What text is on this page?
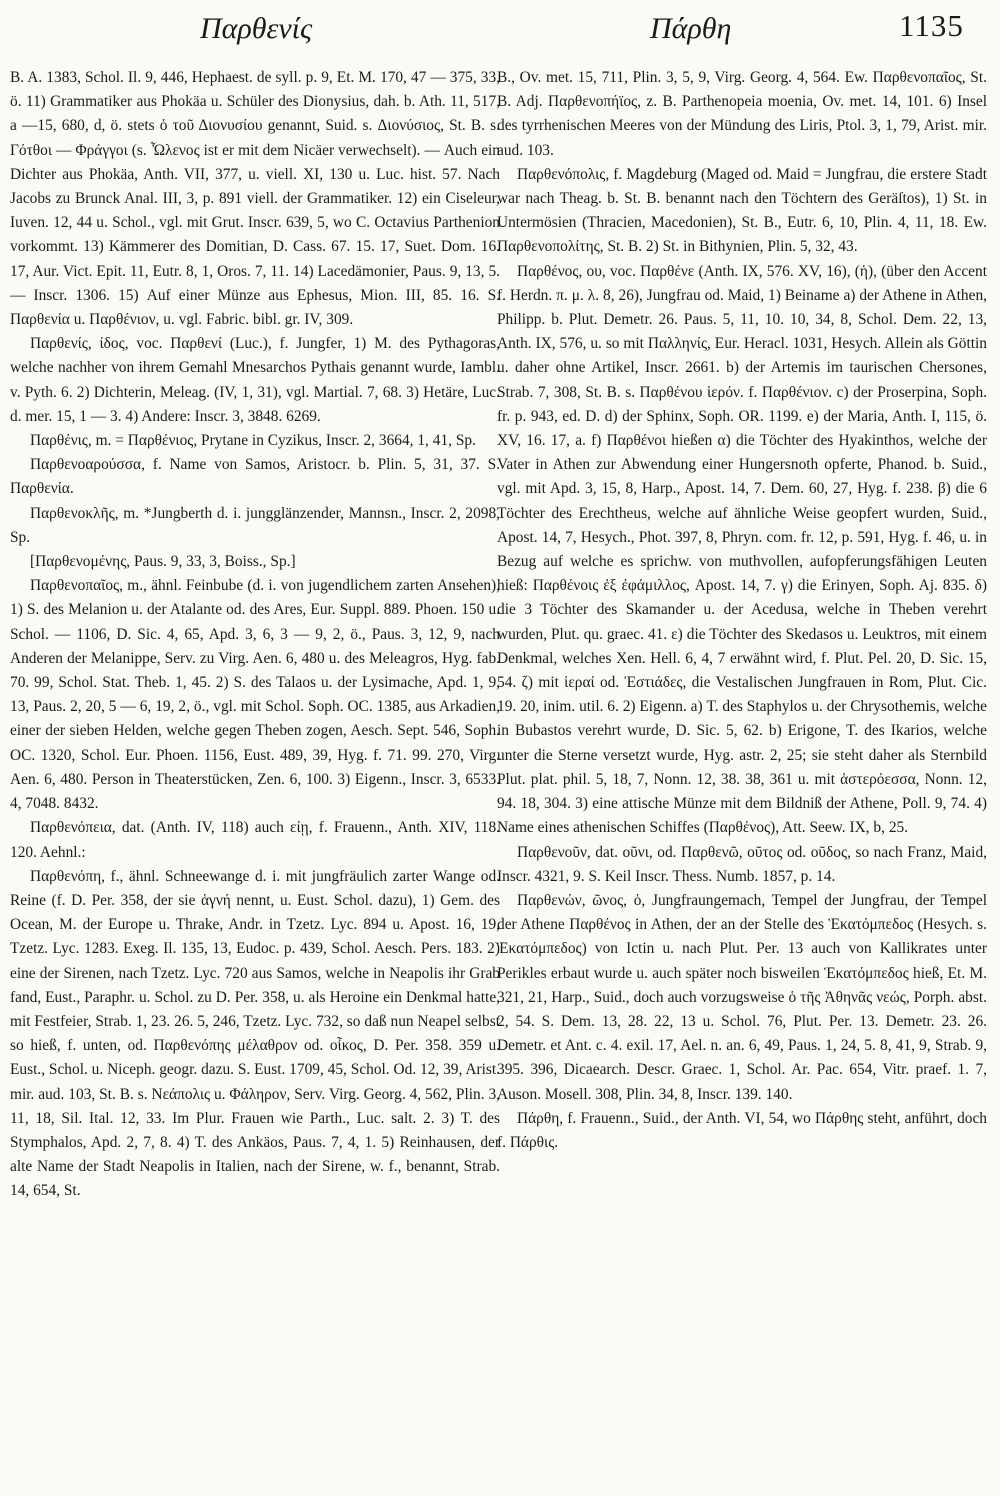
Παρθενίς	Πάρθη	1135

B. A. 1383, Schol. Il. 9, 446, Hephaest. de syll. p. 9, Et. M. 170, 47 — 375, 33, ö. 11) Grammatiker aus Phokäa u. Schüler des Dionysius, dah. b. Ath. 11, 517, a —15, 680, d, ö. stets ὁ τοῦ Διονυσίου genannt, Suid. s. Διονύσιος, St. B. s. Γότθοι — Φράγγοι (s. Ὦλενος ist er mit dem Nicäer verwechselt). — Auch ein Dichter aus Phokäa, Anth. VII, 377, u. viell. XI, 130 u. Luc. hist. 57. Nach Jacobs zu Brunck Anal. III, 3, p. 891 viell. der Grammatiker. 12) ein Ciseleur, Iuven. 12, 44 u. Schol., vgl. mit Grut. Inscr. 639, 5, wo C. Octavius Parthenion vorkommt. 13) Kämmerer des Domitian, D. Cass. 67. 15. 17, Suet. Dom. 16. 17, Aur. Vict. Epit. 11, Eutr. 8, 1, Oros. 7, 11. 14) Lacedämonier, Paus. 9, 13, 5. — Inscr. 1306. 15) Auf einer Münze aus Ephesus, Mion. III, 85. 16. S. Παρθενία u. Παρθένιον, u. vgl. Fabric. bibl. gr. IV, 309.

Παρθενίς, ίδος, voc. Παρθενί (Luc.), f. Jungfer, 1) M. des Pythagoras, welche nachher von ihrem Gemahl Mnesarchos Pythais genannt wurde, Iambl. v. Pyth. 6. 2) Dichterin, Meleag. (IV, 1, 31), vgl. Martial. 7, 68. 3) Hetäre, Luc. d. mer. 15, 1 — 3. 4) Andere: Inscr. 3, 3848. 6269.

Παρθένις, m. = Παρθένιος, Prytane in Cyzikus, Inscr. 2, 3664, 1, 41, Sp.

Παρθενοαρούσσα, f. Name von Samos, Aristocr. b. Plin. 5, 31, 37. S. Παρθενία.

Παρθενοκλῆς, m. *Jungberth d. i. jungglänzender, Mannsn., Inscr. 2, 2098, Sp.

[Παρθενομένης, Paus. 9, 33, 3, Boiss., Sp.]

Παρθενοπαῖος, m., ähnl. Feinbube (d. i. von jugendlichem zarten Ansehen), 1) S. des Melanion u. der Atalante od. des Ares, Eur. Suppl. 889. Phoen. 150 u. Schol. — 1106, D. Sic. 4, 65, Apd. 3, 6, 3 — 9, 2, ö., Paus. 3, 12, 9, nach Anderen der Melanippe, Serv. zu Virg. Aen. 6, 480 u. des Meleagros, Hyg. fab. 70. 99, Schol. Stat. Theb. 1, 45. 2) S. des Talaos u. der Lysimache, Apd. 1, 9, 13, Paus. 2, 20, 5 — 6, 19, 2, ö., vgl. mit Schol. Soph. OC. 1385, aus Arkadien, einer der sieben Helden, welche gegen Theben zogen, Aesch. Sept. 546, Soph. OC. 1320, Schol. Eur. Phoen. 1156, Eust. 489, 39, Hyg. f. 71. 99. 270, Virg. Aen. 6, 480. Person in Theaterstücken, Zen. 6, 100. 3) Eigenn., Inscr. 3, 6533. 4, 7048. 8432.

Παρθενόπεια, dat. (Anth. IV, 118) auch είῃ, f. Frauenn., Anth. XIV, 118. 120. Aehnl.:

Παρθενόπη, f., ähnl. Schneewange d. i. mit jungfräulich zarter Wange od. Reine (f. D. Per. 358, der sie ἁγνή nennt, u. Eust. Schol. dazu), 1) Gem. des Ocean, M. der Europe u. Thrake, Andr. in Tzetz. Lyc. 894 u. Apost. 16, 19, Tzetz. Lyc. 1283. Exeg. Il. 135, 13, Eudoc. p. 439, Schol. Aesch. Pers. 183. 2) eine der Sirenen, nach Tzetz. Lyc. 720 aus Samos, welche in Neapolis ihr Grab fand, Eust., Paraphr. u. Schol. zu D. Per. 358, u. als Heroine ein Denkmal hatte, mit Festfeier, Strab. 1, 23. 26. 5, 246, Tzetz. Lyc. 732, so daß nun Neapel selbst so hieß, f. unten, od. Παρθενόπης μέλαθρον od. οἶκος, D. Per. 358. 359 u. Eust., Schol. u. Niceph. geogr. dazu. S. Eust. 1709, 45, Schol. Od. 12, 39, Arist. mir. aud. 103, St. B. s. Νεάπολις u. Φάληρον, Serv. Virg. Georg. 4, 562, Plin. 3, 11, 18, Sil. Ital. 12, 33. Im Plur. Frauen wie Parth., Luc. salt. 2. 3) T. des Stymphalos, Apd. 2, 7, 8. 4) T. des Ankäos, Paus. 7, 4, 1. 5) Reinhausen, der alte Name der Stadt Neapolis in Italien, nach der Sirene, w. f., benannt, Strab. 14, 654, St.

B., Ov. met. 15, 711, Plin. 3, 5, 9, Virg. Georg. 4, 564. Ew. Παρθενοπαῖος, St. B. Adj. Παρθενοπήϊος, z. B. Parthenopeia moenia, Ov. met. 14, 101. 6) Insel des tyrrhenischen Meeres von der Mündung des Liris, Ptol. 3, 1, 79, Arist. mir. aud. 103.

Παρθενόπολις, f. Magdeburg (Maged od. Maid = Jungfrau, die erstere Stadt war nach Theag. b. St. B. benannt nach den Töchtern des Geräſtos), 1) St. in Untermösien (Thracien, Macedonien), St. B., Eutr. 6, 10, Plin. 4, 11, 18. Ew. Παρθενοπολίτης, St. B. 2) St. in Bithynien, Plin. 5, 32, 43.

Παρθένος, ου, voc. Παρθένε (Anth. IX, 576. XV, 16), (ἡ), (über den Accent f. Herdn. π. μ. λ. 8, 26), Jungfrau od. Maid, 1) Beiname a) der Athene in Athen, Philipp. b. Plut. Demetr. 26. Paus. 5, 11, 10. 10, 34, 8, Schol. Dem. 22, 13, Anth. IX, 576, u. so mit Παλληνίς, Eur. Heracl. 1031, Hesych. Allein als Göttin u. daher ohne Artikel, Inscr. 2661. b) der Artemis im taurischen Chersones, Strab. 7, 308, St. B. s. Παρθένου ἱερόν. f. Παρθένιον. c) der Proserpina, Soph. fr. p. 943, ed. D. d) der Sphinx, Soph. OR. 1199. e) der Maria, Anth. I, 115, ö. XV, 16. 17, a. f) Παρθένοι hießen α) die Töchter des Hyakinthos, welche der Vater in Athen zur Abwendung einer Hungersnoth opferte, Phanod. b. Suid., vgl. mit Apd. 3, 15, 8, Harp., Apost. 14, 7. Dem. 60, 27, Hyg. f. 238. β) die 6 Töchter des Erechtheus, welche auf ähnliche Weise geopfert wurden, Suid., Apost. 14, 7, Hesych., Phot. 397, 8, Phryn. com. fr. 12, p. 591, Hyg. f. 46, u. in Bezug auf welche es sprichw. von muthvollen, aufopferungsfähigen Leuten hieß: Παρθένοις ἐξ ἐφάμιλλος, Apost. 14, 7. γ) die Erinyen, Soph. Aj. 835. δ) die 3 Töchter des Skamander u. der Acedusa, welche in Theben verehrt wurden, Plut. qu. graec. 41. ε) die Töchter des Skedasos u. Leuktros, mit einem Denkmal, welches Xen. Hell. 6, 4, 7 erwähnt wird, f. Plut. Pel. 20, D. Sic. 15, 54. ζ) mit ἱεραί od. Ἑστιάδες, die Vestalischen Jungfrauen in Rom, Plut. Cic. 19. 20, inim. util. 6. 2) Eigenn. a) T. des Staphylos u. der Chrysothemis, welche in Bubastos verehrt wurde, D. Sic. 5, 62. b) Erigone, T. des Ikarios, welche unter die Sterne versetzt wurde, Hyg. astr. 2, 25; sie steht daher als Sternbild Plut. plat. phil. 5, 18, 7, Nonn. 12, 38. 38, 361 u. mit ἀστερόεσσα, Nonn. 12, 94. 18, 304. 3) eine attische Münze mit dem Bildniß der Athene, Poll. 9, 74. 4) Name eines athenischen Schiffes (Παρθένος), Att. Seew. IX, b, 25.

Παρθενοῦν, dat. οῦνι, od. Παρθενῶ, οῦτος od. οῦδος, so nach Franz, Maid, Inscr. 4321, 9. S. Keil Inscr. Thess. Numb. 1857, p. 14.

Παρθενών, ῶνος, ὁ, Jungfraungemach, Tempel der Jungfrau, der Tempel der Athene Παρθένος in Athen, der an der Stelle des Ἑκατόμπεδος (Hesych. s. Ἑκατόμπεδος) von Ictin u. nach Plut. Per. 13 auch von Kallikrates unter Perikles erbaut wurde u. auch später noch bisweilen Ἑκατόμπεδος hieß, Et. M. 321, 21, Harp., Suid., doch auch vorzugsweise ὁ τῆς Ἀθηνᾶς νεώς, Porph. abst. 2, 54. S. Dem. 13, 28. 22, 13 u. Schol. 76, Plut. Per. 13. Demetr. 23. 26. Demetr. et Ant. c. 4. exil. 17, Ael. n. an. 6, 49, Paus. 1, 24, 5. 8, 41, 9, Strab. 9, 395. 396, Dicaearch. Descr. Graec. 1, Schol. Ar. Pac. 654, Vitr. praef. 1. 7, Auson. Mosell. 308, Plin. 34, 8, Inscr. 139. 140.

Πάρθη, f. Frauenn., Suid., der Anth. VI, 54, wo Πάρθης steht, anführt, doch f. Πάρθις.
